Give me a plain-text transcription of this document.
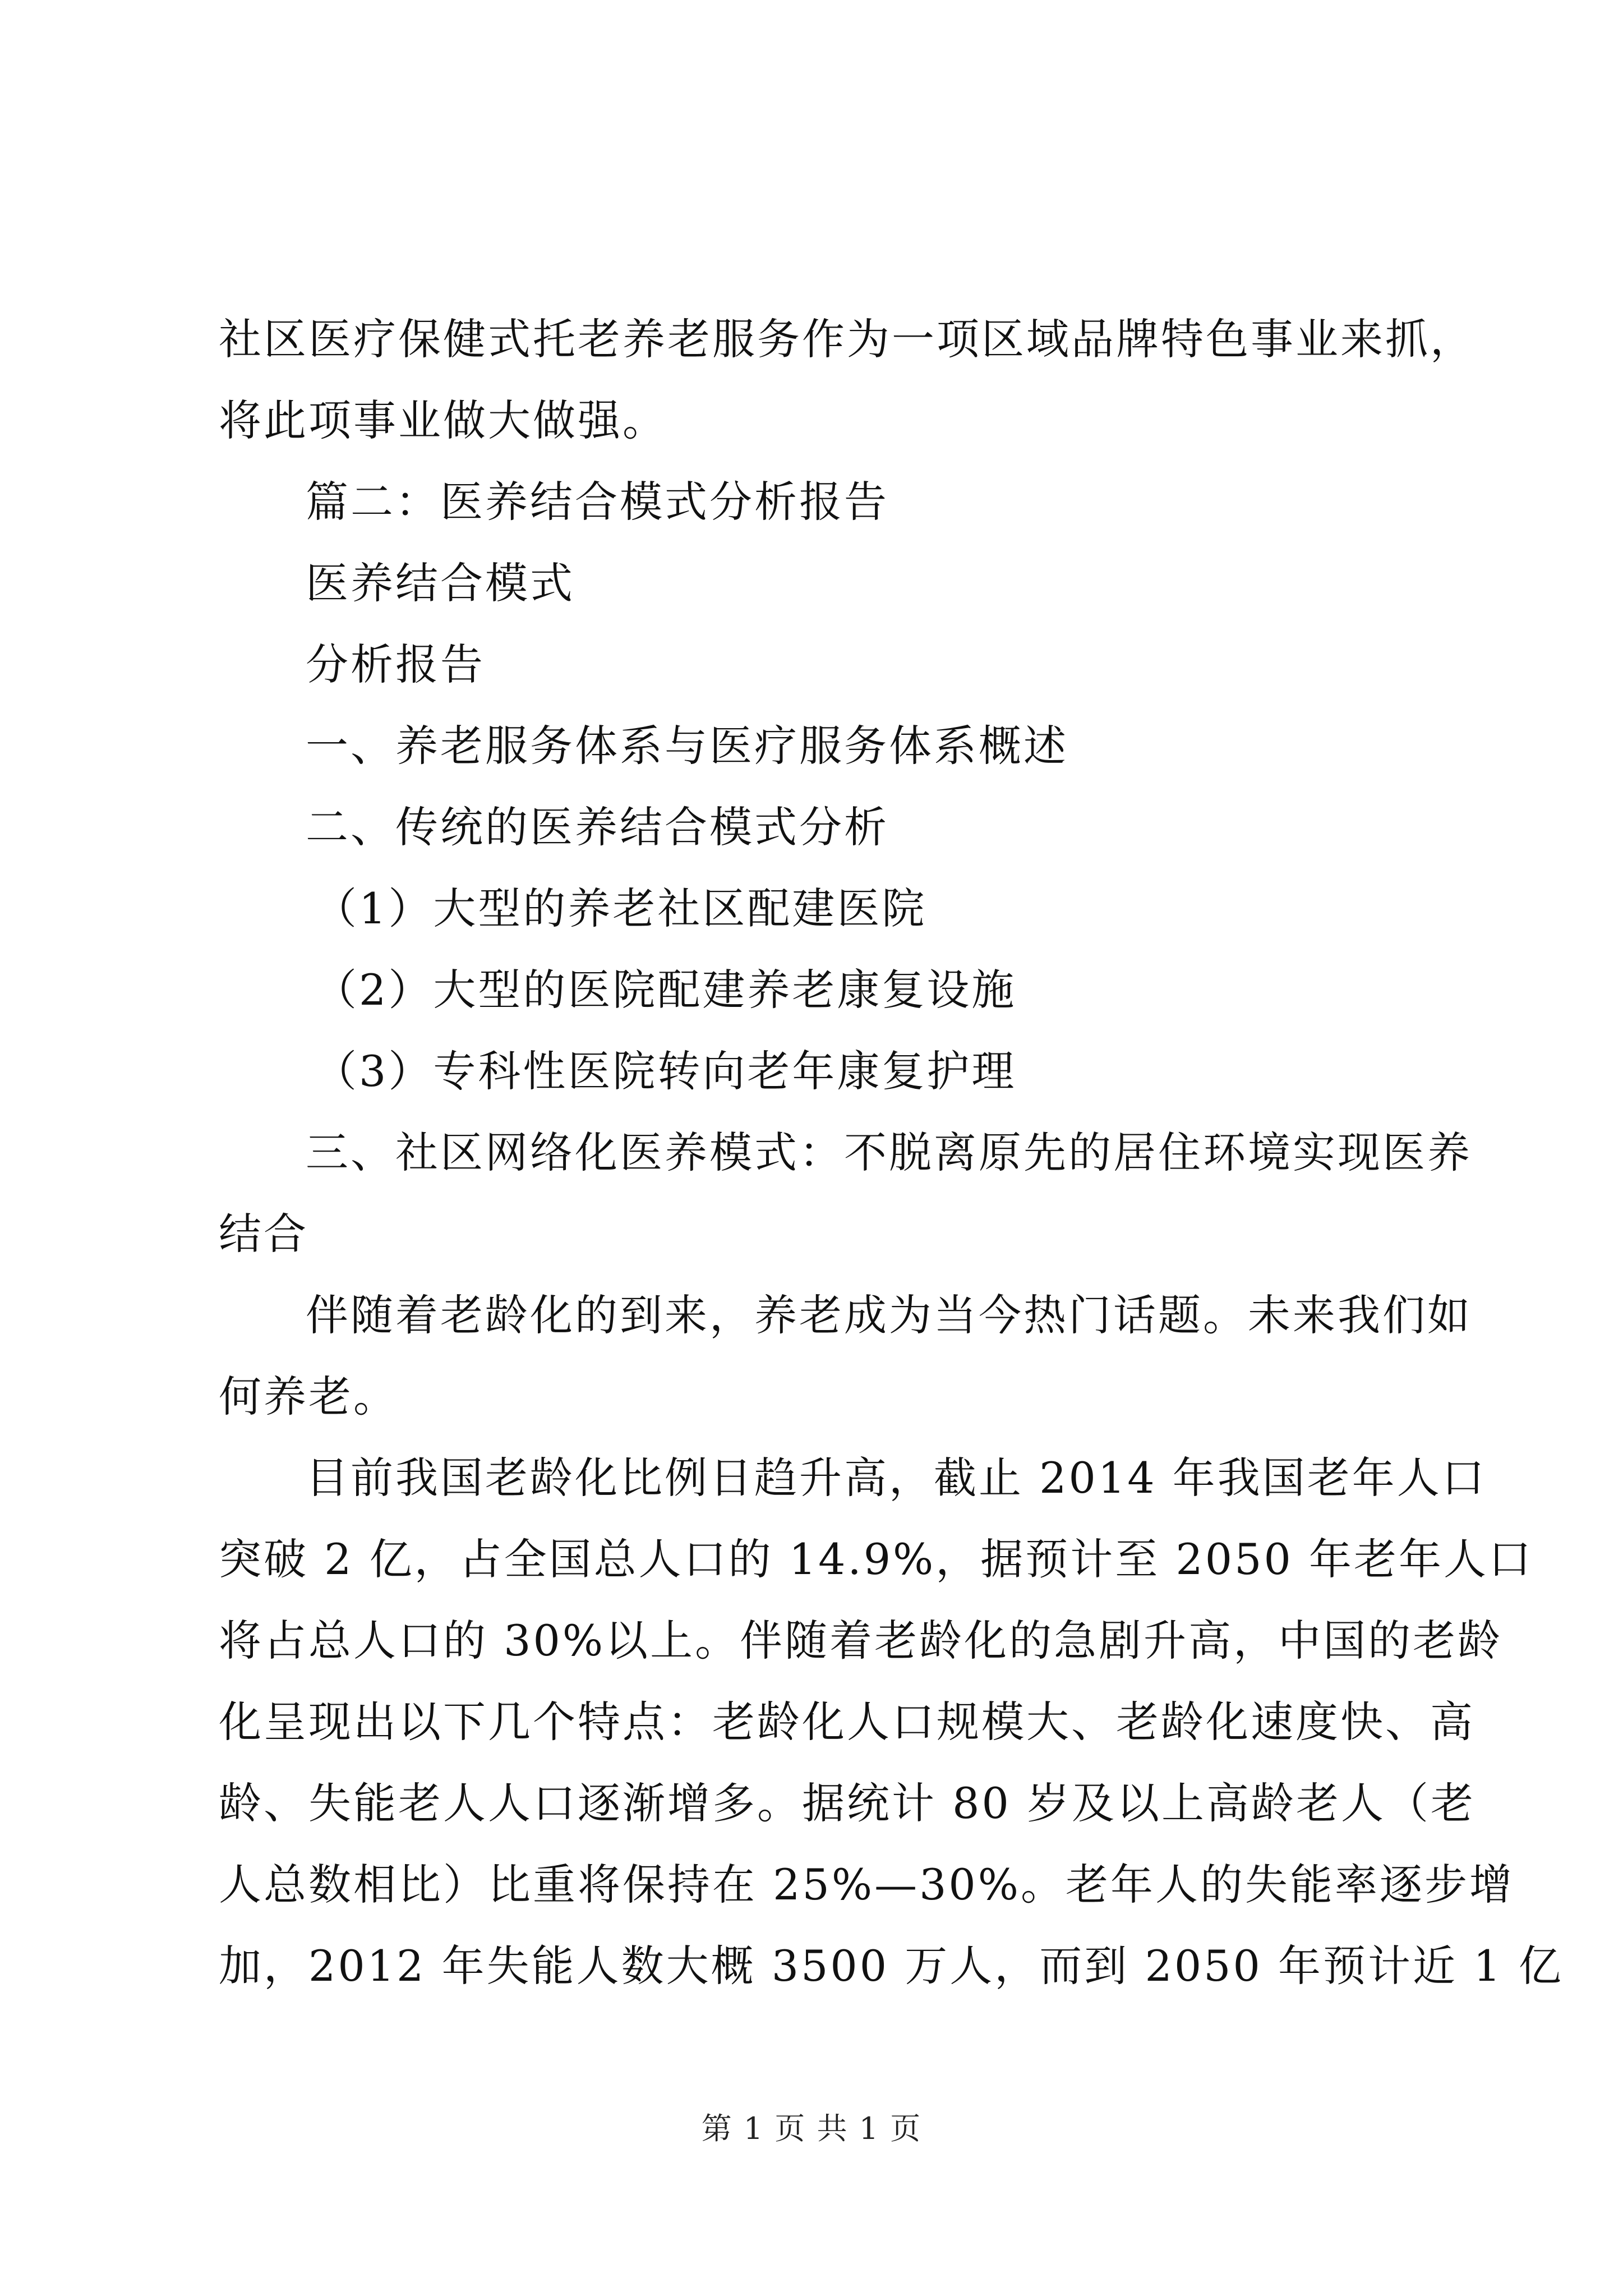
社区医疗保健式托老养老服务作为一项区域品牌特色事业来抓，
将此项事业做大做强。
篇二：医养结合模式分析报告
医养结合模式
分析报告
一、养老服务体系与医疗服务体系概述
二、传统的医养结合模式分析
（1）大型的养老社区配建医院
（2）大型的医院配建养老康复设施
（3）专科性医院转向老年康复护理
三、社区网络化医养模式：不脱离原先的居住环境实现医养
结合
伴随着老龄化的到来，养老成为当今热门话题。未来我们如
何养老。
目前我国老龄化比例日趋升高，截止 2014 年我国老年人口
突破 2 亿，占全国总人口的 14.9%，据预计至 2050 年老年人口
将占总人口的 30%以上。伴随着老龄化的急剧升高，中国的老龄
化呈现出以下几个特点：老龄化人口规模大、老龄化速度快、高
龄、失能老人人口逐渐增多。据统计 80 岁及以上高龄老人（老
人总数相比）比重将保持在 25%—30%。老年人的失能率逐步增
加，2012 年失能人数大概 3500 万人，而到 2050 年预计近 1 亿
第 1 页 共 1 页
